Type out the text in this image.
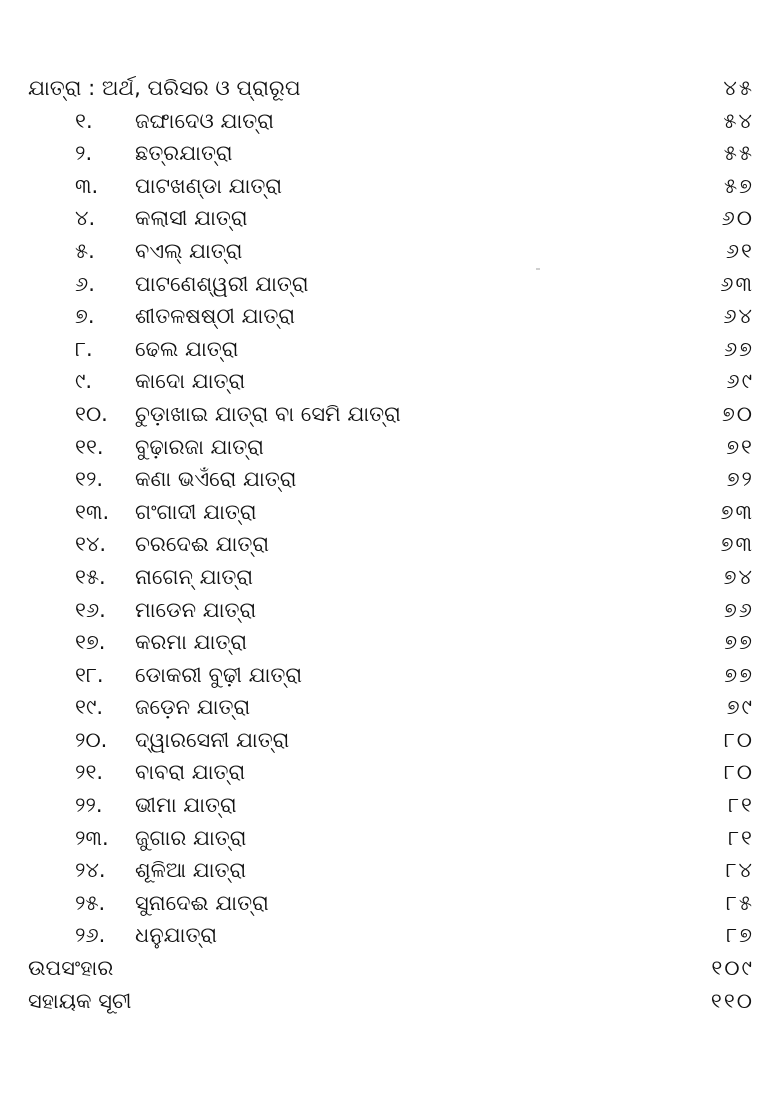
ଯାତ୍ରା : ଅର୍ଥ, ପରିସର ଓ ପ୍ରାରୂପ	୪୫
୧.	ଜଙ୍ଘାଦେଓ ଯାତ୍ରା	୫୪
୨.	ଛତ୍ରଯାତ୍ରା	୫୫
୩.	ପାଟଖଣ୍ଡା ଯାତ୍ରା	୫୭
୪.	କଲାସୀ ଯାତ୍ରା	୬୦
୫.	ବଏଲ୍ ଯାତ୍ରା	୬୧
୬.	ପାଟଣେଶ୍ୱରୀ ଯାତ୍ରା	୬୩
୭.	ଶୀତଳଷଷ୍ଠୀ ଯାତ୍ରା	୬୪
୮.	ଢେଲ ଯାତ୍ରା	୬୭
୯.	କାଦୋ ଯାତ୍ରା	୬୯
୧୦.	ଚୁଡ଼ାଖାଇ ଯାତ୍ରା ବା ସେମି ଯାତ୍ରା	୭୦
୧୧.	ବୁଢ଼ାରଜା ଯାତ୍ରା	୭୧
୧୨.	କଣା ଭଏଁରୋ ଯାତ୍ରା	୭୨
୧୩.	ଗଂଗାଦୀ ଯାତ୍ରା	୭୩
୧୪.	ଚରଦେଈ ଯାତ୍ରା	୭୩
୧୫.	ନାଗେନ୍ ଯାତ୍ରା	୭୪
୧୬.	ମାଡେନ ଯାତ୍ରା	୭୬
୧୭.	କରମା ଯାତ୍ରା	୭୭
୧୮.	ଡୋକରୀ ବୁଢ଼ୀ ଯାତ୍ରା	୭୭
୧୯.	ଜଡ଼େନ ଯାତ୍ରା	୭୯
୨୦.	ଦ୍ୱାରସେନୀ ଯାତ୍ରା	୮୦
୨୧.	ବାବରା ଯାତ୍ରା	୮୦
୨୨.	ଭୀମା ଯାତ୍ରା	୮୧
୨୩.	ଜୁଗାର ଯାତ୍ରା	୮୧
୨୪.	ଶୂଳିଆ ଯାତ୍ରା	୮୪
୨୫.	ସୁନାଦେଈ ଯାତ୍ରା	୮୫
୨୬.	ଧନୁଯାତ୍ରା	୮୭
ଉପସଂହାର	୧୦୯
ସହାୟକ ସୂଚୀ	୧୧୦
